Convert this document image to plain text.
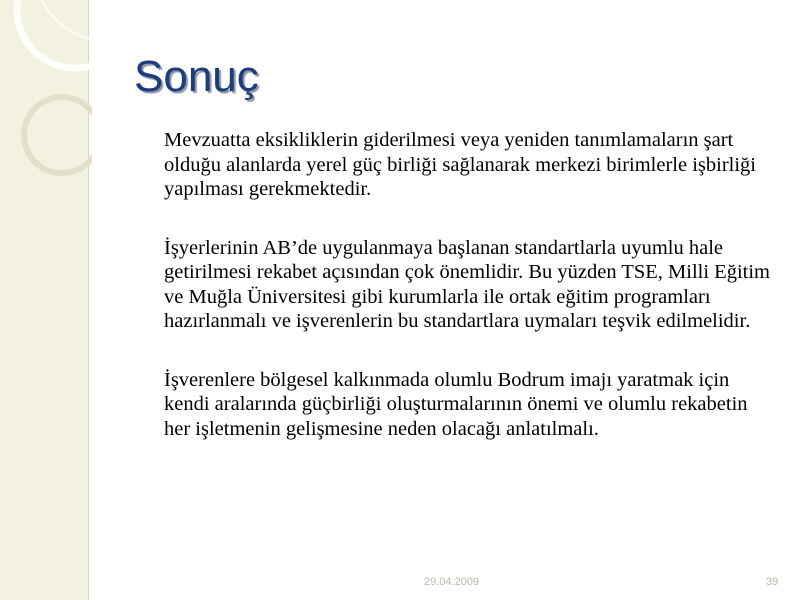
Sonuç

Mevzuatta eksikliklerin giderilmesi veya yeniden tanımlamaların şart olduğu alanlarda yerel güç birliği sağlanarak merkezi birimlerle işbirliği yapılması gerekmektedir.

İşyerlerinin AB’de uygulanmaya başlanan standartlarla uyumlu hale getirilmesi rekabet açısından çok önemlidir. Bu yüzden TSE, Milli Eğitim ve Muğla Üniversitesi gibi kurumlarla ile ortak eğitim programları hazırlanmalı ve işverenlerin bu standartlara uymaları teşvik edilmelidir.

İşverenlere bölgesel kalkınmada olumlu Bodrum imajı yaratmak için kendi aralarında güçbirliği oluşturmalarının önemi ve olumlu rekabetin her işletmenin gelişmesine neden olacağı anlatılmalı.

29.04.2009	39
